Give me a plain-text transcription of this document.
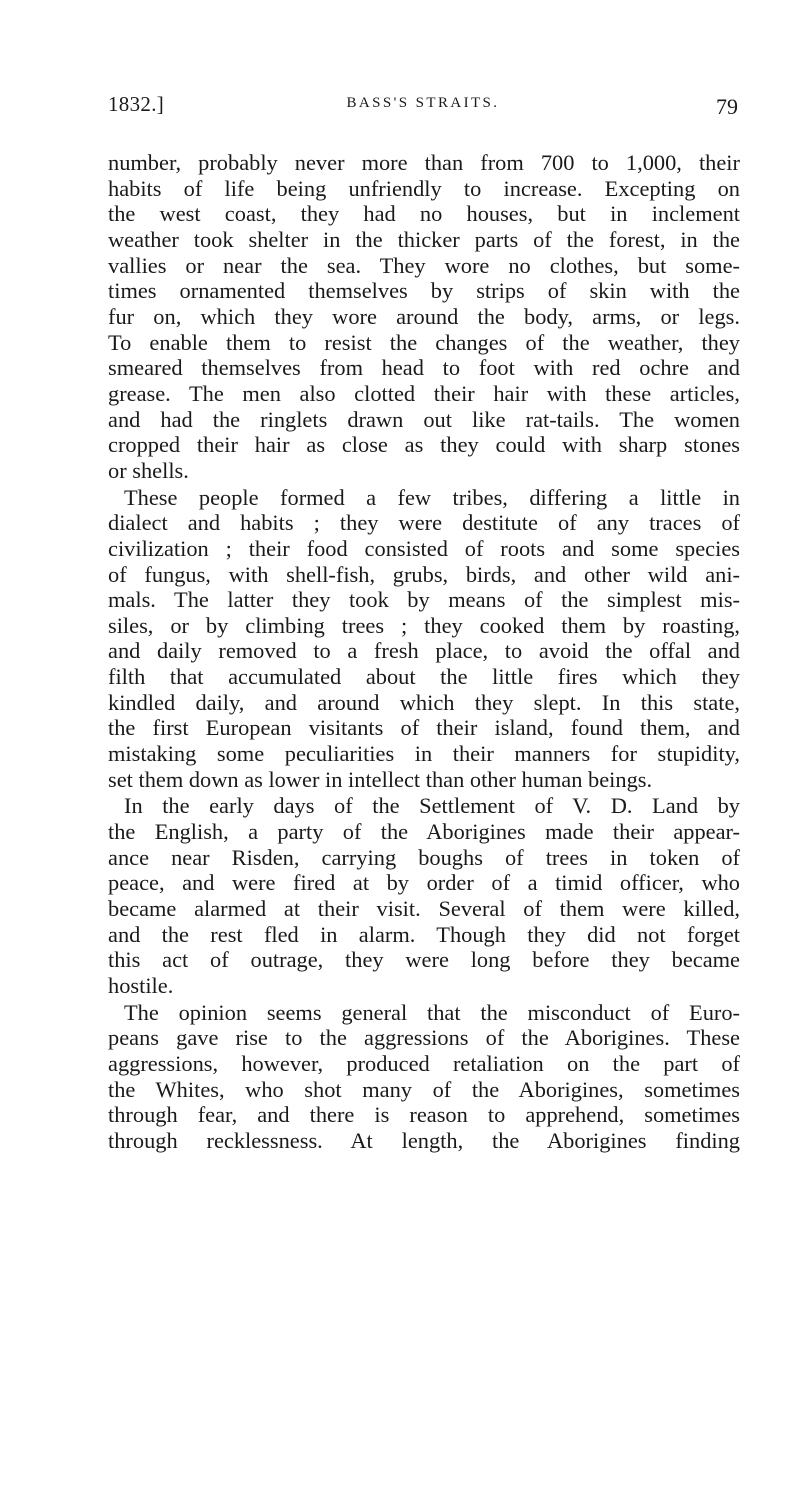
1832.]	BASS'S STRAITS.	79
number, probably never more than from 700 to 1,000, their
habits of life being unfriendly to increase. Excepting on
the west coast, they had no houses, but in inclement
weather took shelter in the thicker parts of the forest, in the
vallies or near the sea. They wore no clothes, but some-
times ornamented themselves by strips of skin with the
fur on, which they wore around the body, arms, or legs.
To enable them to resist the changes of the weather, they
smeared themselves from head to foot with red ochre and
grease. The men also clotted their hair with these articles,
and had the ringlets drawn out like rat-tails. The women
cropped their hair as close as they could with sharp stones
or shells.
These people formed a few tribes, differing a little in
dialect and habits ; they were destitute of any traces of
civilization ; their food consisted of roots and some species
of fungus, with shell-fish, grubs, birds, and other wild ani-
mals. The latter they took by means of the simplest mis-
siles, or by climbing trees ; they cooked them by roasting,
and daily removed to a fresh place, to avoid the offal and
filth that accumulated about the little fires which they
kindled daily, and around which they slept. In this state,
the first European visitants of their island, found them, and
mistaking some peculiarities in their manners for stupidity,
set them down as lower in intellect than other human beings.
In the early days of the Settlement of V. D. Land by
the English, a party of the Aborigines made their appear-
ance near Risden, carrying boughs of trees in token of
peace, and were fired at by order of a timid officer, who
became alarmed at their visit. Several of them were killed,
and the rest fled in alarm. Though they did not forget
this act of outrage, they were long before they became
hostile.
The opinion seems general that the misconduct of Euro-
peans gave rise to the aggressions of the Aborigines. These
aggressions, however, produced retaliation on the part of
the Whites, who shot many of the Aborigines, sometimes
through fear, and there is reason to apprehend, sometimes
through recklessness. At length, the Aborigines finding
